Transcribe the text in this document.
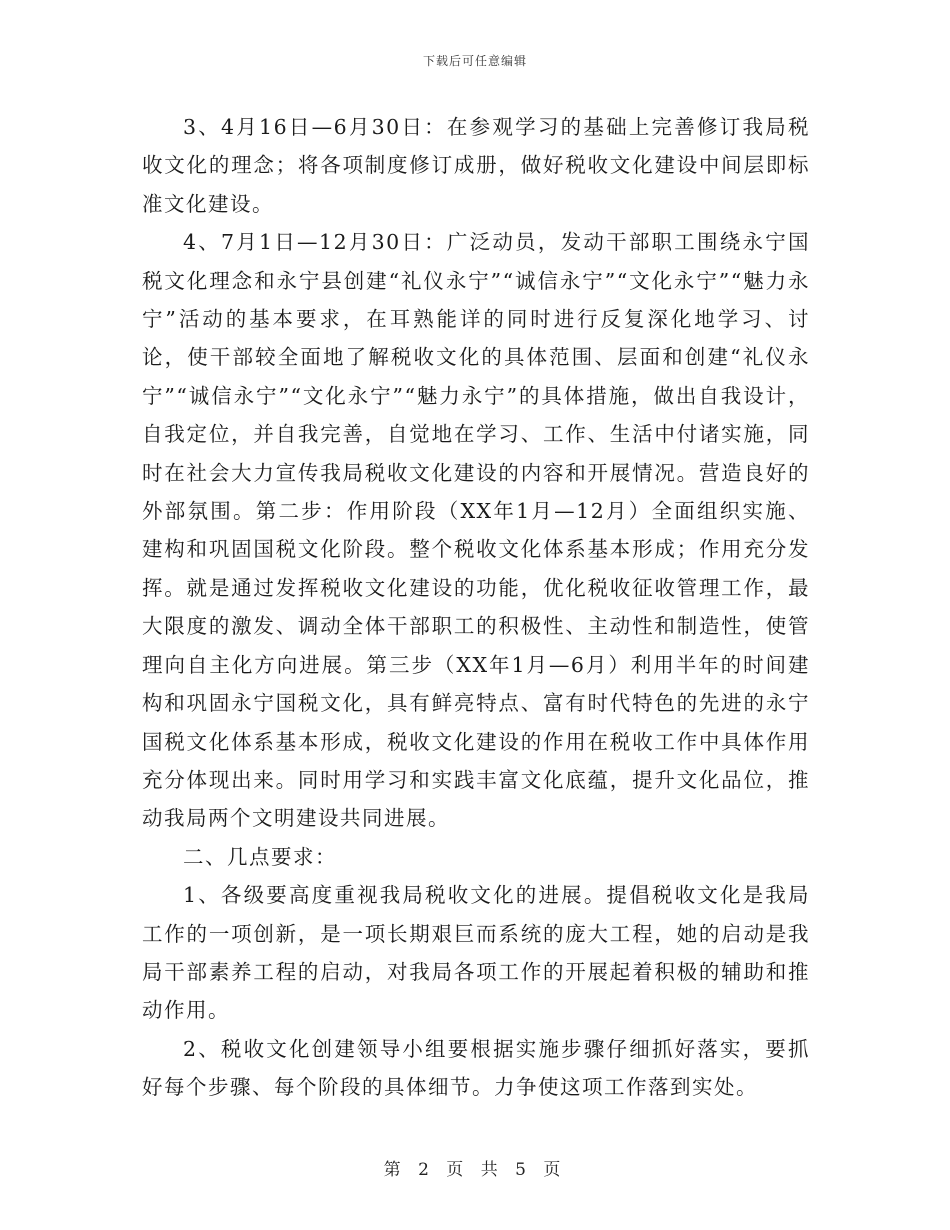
下载后可任意编辑

3、4月16日—6月30日：在参观学习的基础上完善修订我局税收文化的理念；将各项制度修订成册，做好税收文化建设中间层即标准文化建设。

4、7月1日—12月30日：广泛动员，发动干部职工围绕永宁国税文化理念和永宁县创建“礼仪永宁”“诚信永宁”“文化永宁”“魅力永宁”活动的基本要求，在耳熟能详的同时进行反复深化地学习、讨论，使干部较全面地了解税收文化的具体范围、层面和创建“礼仪永宁”“诚信永宁”“文化永宁”“魅力永宁”的具体措施，做出自我设计，自我定位，并自我完善，自觉地在学习、工作、生活中付诸实施，同时在社会大力宣传我局税收文化建设的内容和开展情况。营造良好的外部氛围。第二步：作用阶段（XX年1月—12月）全面组织实施、建构和巩固国税文化阶段。整个税收文化体系基本形成；作用充分发挥。就是通过发挥税收文化建设的功能，优化税收征收管理工作，最大限度的激发、调动全体干部职工的积极性、主动性和制造性，使管理向自主化方向进展。第三步（XX年1月—6月）利用半年的时间建构和巩固永宁国税文化，具有鲜亮特点、富有时代特色的先进的永宁国税文化体系基本形成，税收文化建设的作用在税收工作中具体作用充分体现出来。同时用学习和实践丰富文化底蕴，提升文化品位，推动我局两个文明建设共同进展。

二、几点要求：

1、各级要高度重视我局税收文化的进展。提倡税收文化是我局工作的一项创新，是一项长期艰巨而系统的庞大工程，她的启动是我局干部素养工程的启动，对我局各项工作的开展起着积极的辅助和推动作用。

2、税收文化创建领导小组要根据实施步骤仔细抓好落实，要抓好每个步骤、每个阶段的具体细节。力争使这项工作落到实处。

第 2 页 共 5 页
